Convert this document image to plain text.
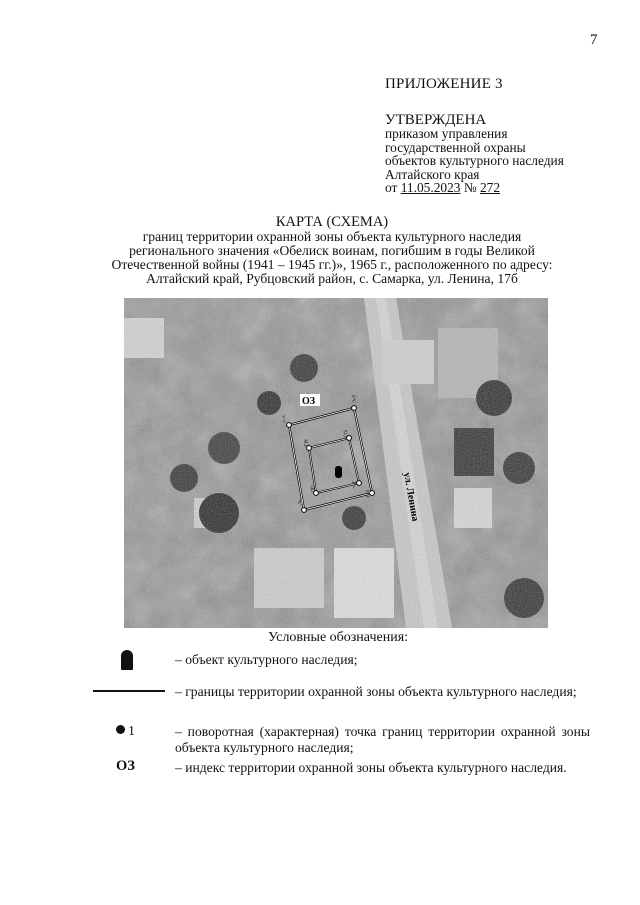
7
ПРИЛОЖЕНИЕ 3
УТВЕРЖДЕНА
приказом управления
государственной охраны
объектов культурного наследия
Алтайского края
от 11.05.2023 № 272
КАРТА (СХЕМА)
границ территории охранной зоны объекта культурного наследия
регионального значения «Обелиск воинам, погибшим в годы Великой
Отечественной войны (1941 – 1945 гг.)», 1965 г., расположенного по адресу:
Алтайский край, Рубцовский район, с. Самарка, ул. Ленина, 17б
1
2
3
4
5
6
7
8
ОЗ
ул. Ленина
Условные обозначения:
– объект культурного наследия;
– границы территории охранной зоны объекта культурного наследия;
1	– поворотная (характерная) точка границ территории охранной зоны объекта культурного наследия;
ОЗ	– индекс территории охранной зоны объекта культурного наследия.
